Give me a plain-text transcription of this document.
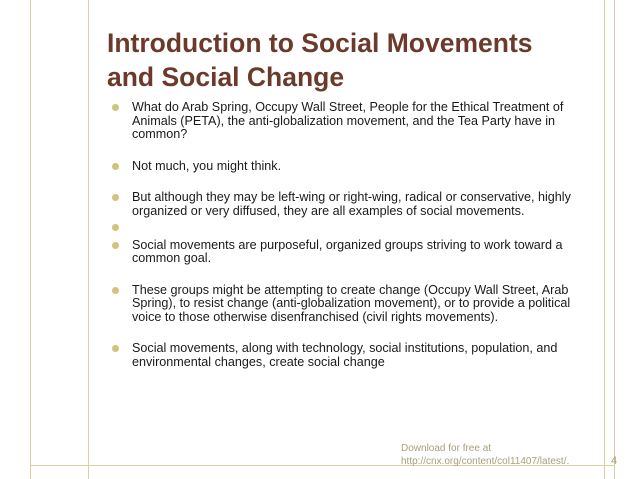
Introduction to Social Movements
and Social Change
What do Arab Spring, Occupy Wall Street, People for the Ethical Treatment of Animals (PETA), the anti-globalization movement, and the Tea Party have in common?
Not much, you might think.
But although they may be left-wing or right-wing, radical or conservative, highly organized or very diffused, they are all examples of social movements.
Social movements are purposeful, organized groups striving to work toward a common goal.
These groups might be attempting to create change (Occupy Wall Street, Arab Spring), to resist change (anti-globalization movement), or to provide a political voice to those otherwise disenfranchised (civil rights movements).
Social movements, along with technology, social institutions, population, and environmental changes, create social change
Download for free at
http://cnx.org/content/col11407/latest/.	4
